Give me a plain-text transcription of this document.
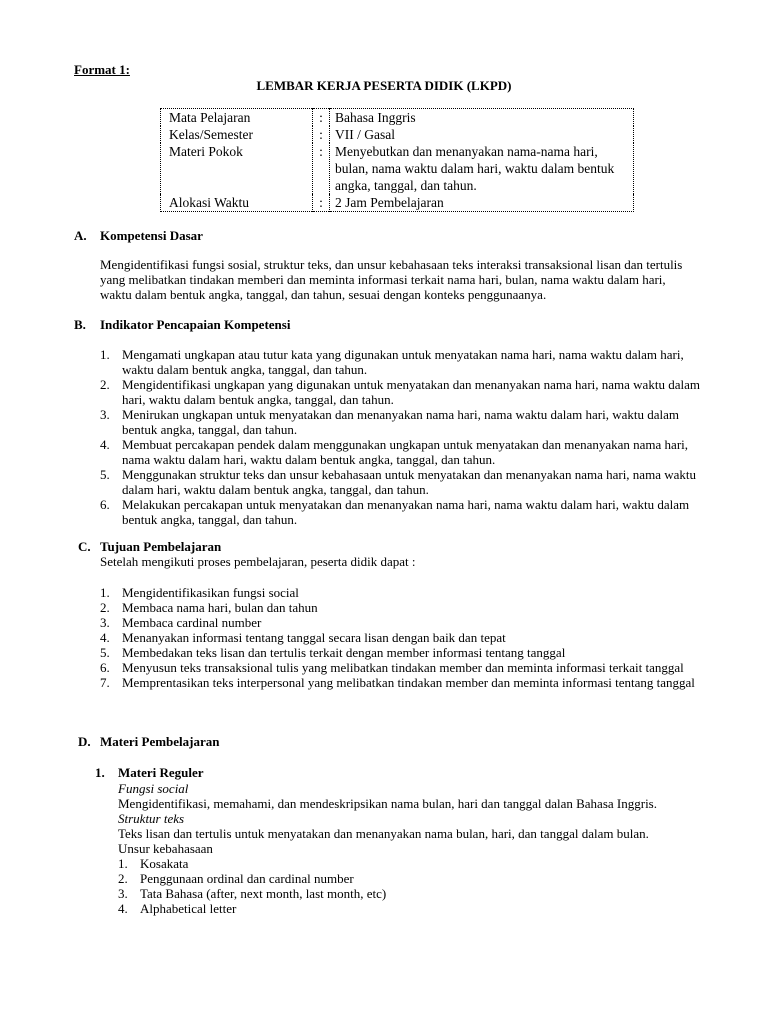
Format 1:
LEMBAR KERJA PESERTA DIDIK (LKPD)
Mata Pelajaran	:	Bahasa Inggris
Kelas/Semester	:	VII / Gasal
Materi Pokok	:	Menyebutkan dan menanyakan nama-nama hari, bulan, nama waktu dalam hari, waktu dalam bentuk angka, tanggal, dan tahun.
Alokasi Waktu	:	2 Jam Pembelajaran
A. Kompetensi Dasar
Mengidentifikasi fungsi sosial, struktur teks, dan unsur kebahasaan teks interaksi transaksional lisan dan tertulis yang melibatkan tindakan memberi dan meminta informasi terkait nama hari, bulan, nama waktu dalam hari, waktu dalam bentuk angka, tanggal, dan tahun, sesuai dengan konteks penggunaanya.
B. Indikator Pencapaian Kompetensi
1. Mengamati ungkapan atau tutur kata yang digunakan untuk menyatakan nama hari, nama waktu dalam hari, waktu dalam bentuk angka, tanggal, dan tahun.
2. Mengidentifikasi ungkapan yang digunakan untuk menyatakan dan menanyakan nama hari, nama waktu dalam hari, waktu dalam bentuk angka, tanggal, dan tahun.
3. Menirukan ungkapan untuk menyatakan dan menanyakan nama hari, nama waktu dalam hari, waktu dalam bentuk angka, tanggal, dan tahun.
4. Membuat percakapan pendek dalam menggunakan ungkapan untuk menyatakan dan menanyakan nama hari, nama waktu dalam hari, waktu dalam bentuk angka, tanggal, dan tahun.
5. Menggunakan struktur teks dan unsur kebahasaan untuk menyatakan dan menanyakan nama hari, nama waktu dalam hari, waktu dalam bentuk angka, tanggal, dan tahun.
6. Melakukan percakapan untuk menyatakan dan menanyakan nama hari, nama waktu dalam hari, waktu dalam bentuk angka, tanggal, dan tahun.
C. Tujuan Pembelajaran
Setelah mengikuti proses pembelajaran, peserta didik dapat :
1. Mengidentifikasikan fungsi social
2. Membaca nama hari, bulan dan tahun
3. Membaca cardinal number
4. Menanyakan informasi tentang tanggal secara lisan dengan baik dan tepat
5. Membedakan teks lisan dan tertulis terkait dengan member informasi tentang tanggal
6. Menyusun teks transaksional tulis yang melibatkan tindakan member dan meminta informasi terkait tanggal
7. Memprentasikan teks interpersonal yang melibatkan tindakan member dan meminta informasi tentang tanggal
D. Materi Pembelajaran
1. Materi Reguler
Fungsi social
Mengidentifikasi, memahami, dan mendeskripsikan nama bulan, hari dan tanggal dalan Bahasa Inggris.
Struktur teks
Teks lisan dan tertulis untuk menyatakan dan menanyakan nama bulan, hari, dan tanggal dalam bulan.
Unsur kebahasaan
1. Kosakata
2. Penggunaan ordinal dan cardinal number
3. Tata Bahasa (after, next month, last month, etc)
4. Alphabetical letter
